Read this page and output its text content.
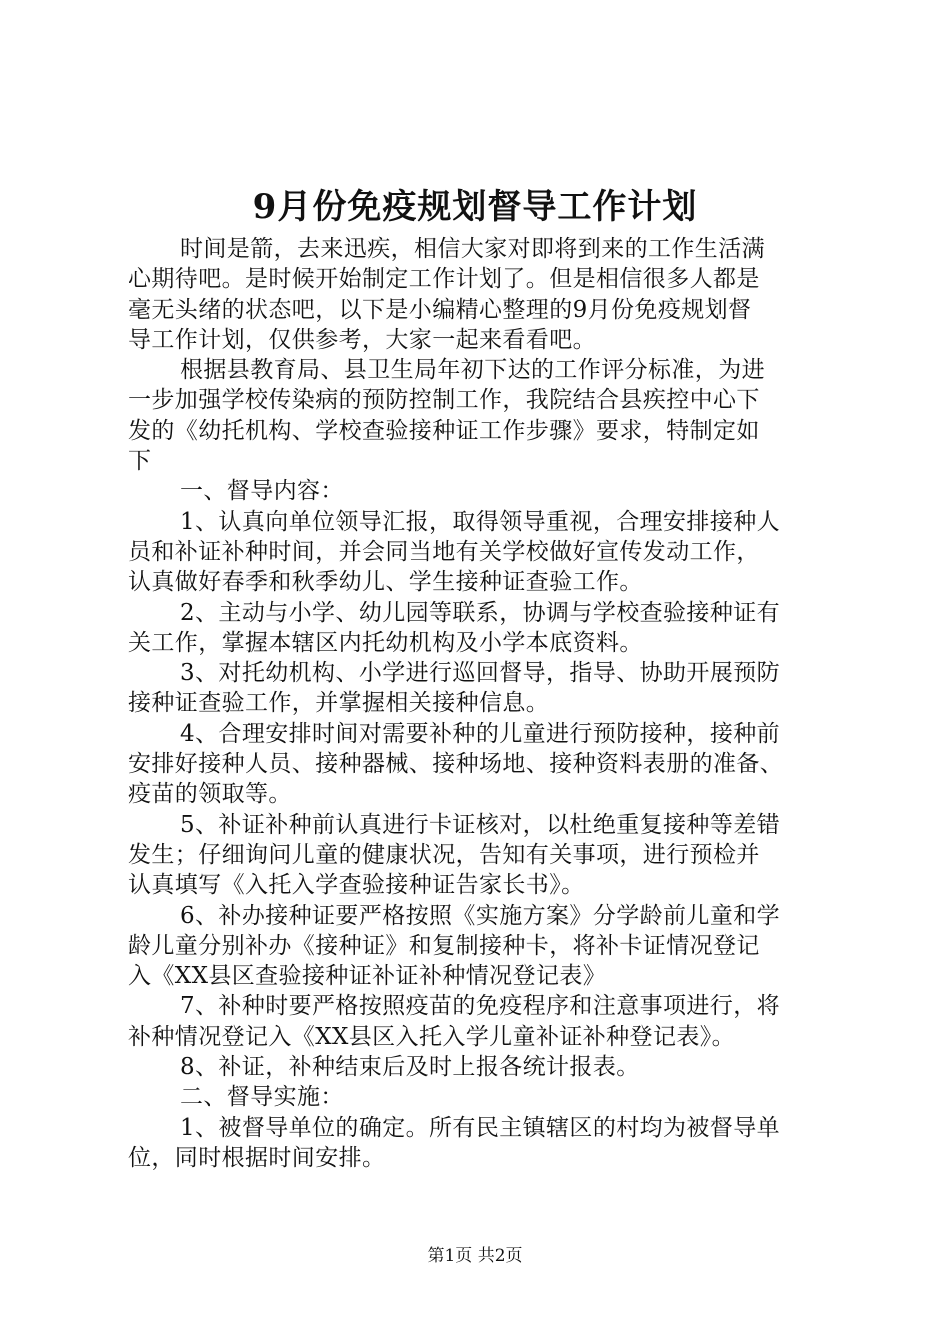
9月份免疫规划督导工作计划
时间是箭，去来迅疾，相信大家对即将到来的工作生活满
心期待吧。是时候开始制定工作计划了。但是相信很多人都是
毫无头绪的状态吧，以下是小编精心整理的9月份免疫规划督
导工作计划，仅供参考，大家一起来看看吧。
根据县教育局、县卫生局年初下达的工作评分标准，为进
一步加强学校传染病的预防控制工作，我院结合县疾控中心下
发的《幼托机构、学校查验接种证工作步骤》要求，特制定如
下
一、督导内容：
1、认真向单位领导汇报，取得领导重视，合理安排接种人
员和补证补种时间，并会同当地有关学校做好宣传发动工作，
认真做好春季和秋季幼儿、学生接种证查验工作。
2、主动与小学、幼儿园等联系，协调与学校查验接种证有
关工作，掌握本辖区内托幼机构及小学本底资料。
3、对托幼机构、小学进行巡回督导，指导、协助开展预防
接种证查验工作，并掌握相关接种信息。
4、合理安排时间对需要补种的儿童进行预防接种，接种前
安排好接种人员、接种器械、接种场地、接种资料表册的准备、
疫苗的领取等。
5、补证补种前认真进行卡证核对，以杜绝重复接种等差错
发生；仔细询问儿童的健康状况，告知有关事项，进行预检并
认真填写《入托入学查验接种证告家长书》。
6、补办接种证要严格按照《实施方案》分学龄前儿童和学
龄儿童分别补办《接种证》和复制接种卡，将补卡证情况登记
入《XX县区查验接种证补证补种情况登记表》
7、补种时要严格按照疫苗的免疫程序和注意事项进行，将
补种情况登记入《XX县区入托入学儿童补证补种登记表》。
8、补证，补种结束后及时上报各统计报表。
二、督导实施：
1、被督导单位的确定。所有民主镇辖区的村均为被督导单
位，同时根据时间安排。
第1页 共2页
